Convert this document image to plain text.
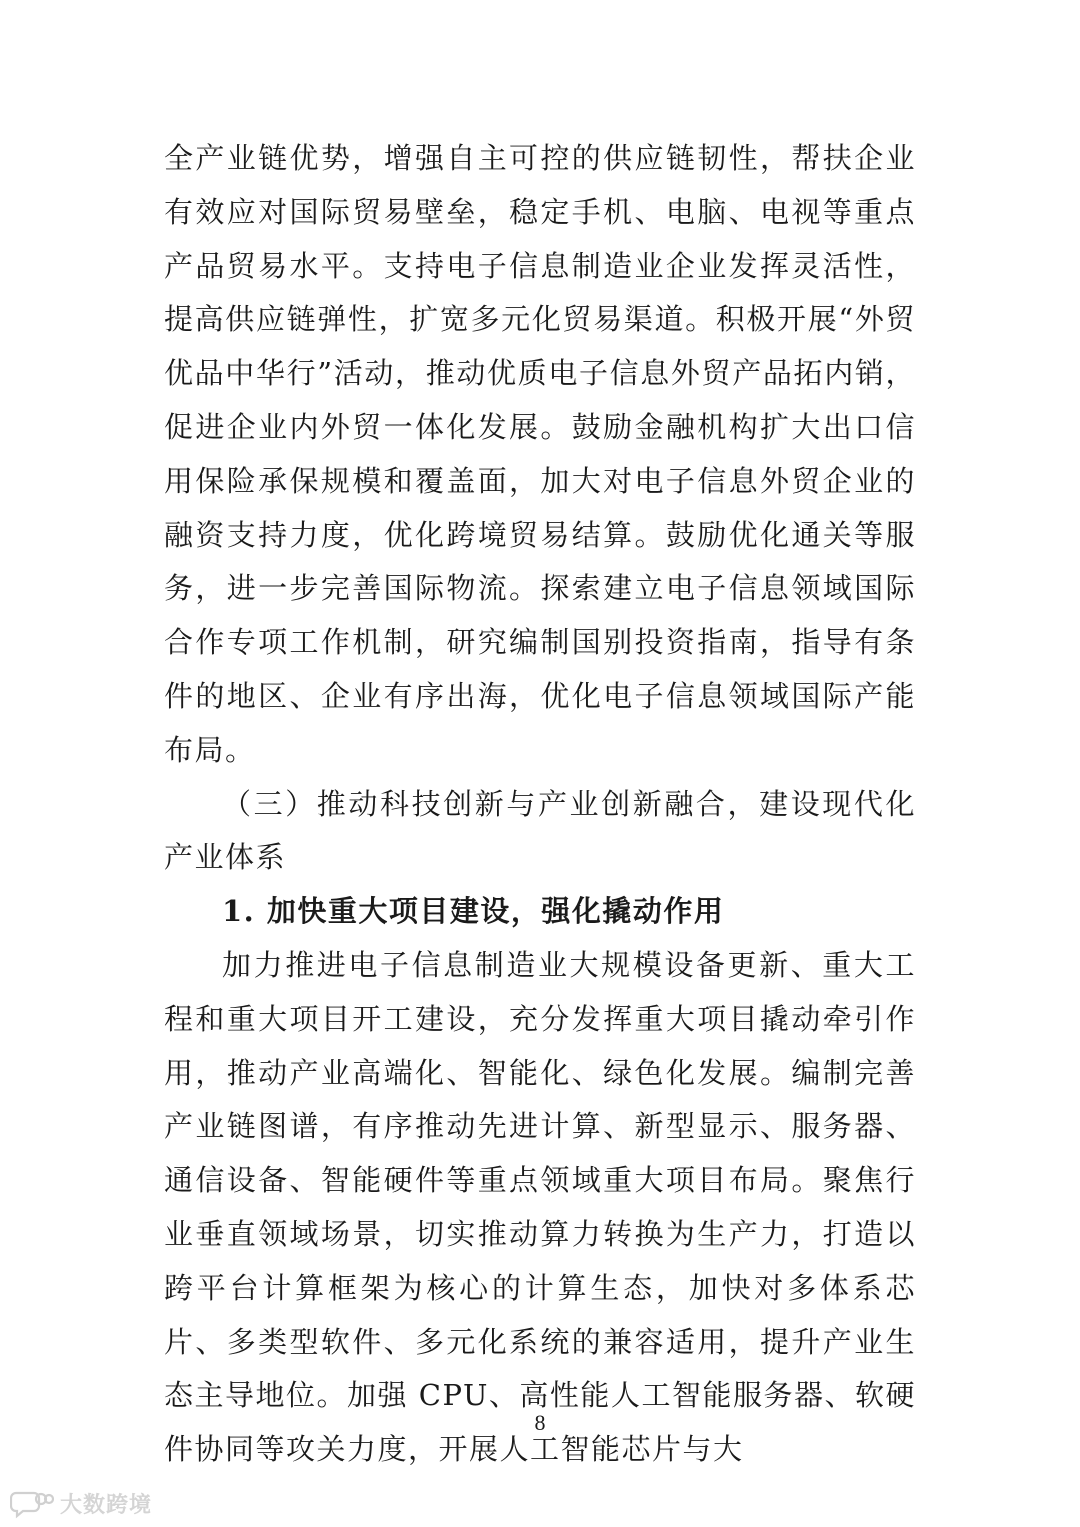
全产业链优势，增强自主可控的供应链韧性，帮扶企业有效应对国际贸易壁垒，稳定手机、电脑、电视等重点产品贸易水平。支持电子信息制造业企业发挥灵活性，提高供应链弹性，扩宽多元化贸易渠道。积极开展“外贸优品中华行”活动，推动优质电子信息外贸产品拓内销，促进企业内外贸一体化发展。鼓励金融机构扩大出口信用保险承保规模和覆盖面，加大对电子信息外贸企业的融资支持力度，优化跨境贸易结算。鼓励优化通关等服务，进一步完善国际物流。探索建立电子信息领域国际合作专项工作机制，研究编制国别投资指南，指导有条件的地区、企业有序出海，优化电子信息领域国际产能布局。

（三）推动科技创新与产业创新融合，建设现代化产业体系

1. 加快重大项目建设，强化撬动作用

加力推进电子信息制造业大规模设备更新、重大工程和重大项目开工建设，充分发挥重大项目撬动牵引作用，推动产业高端化、智能化、绿色化发展。编制完善产业链图谱，有序推动先进计算、新型显示、服务器、通信设备、智能硬件等重点领域重大项目布局。聚焦行业垂直领域场景，切实推动算力转换为生产力，打造以跨平台计算框架为核心的计算生态，加快对多体系芯片、多类型软件、多元化系统的兼容适用，提升产业生态主导地位。加强 CPU、高性能人工智能服务器、软硬件协同等攻关力度，开展人工智能芯片与大

8
大数跨境
